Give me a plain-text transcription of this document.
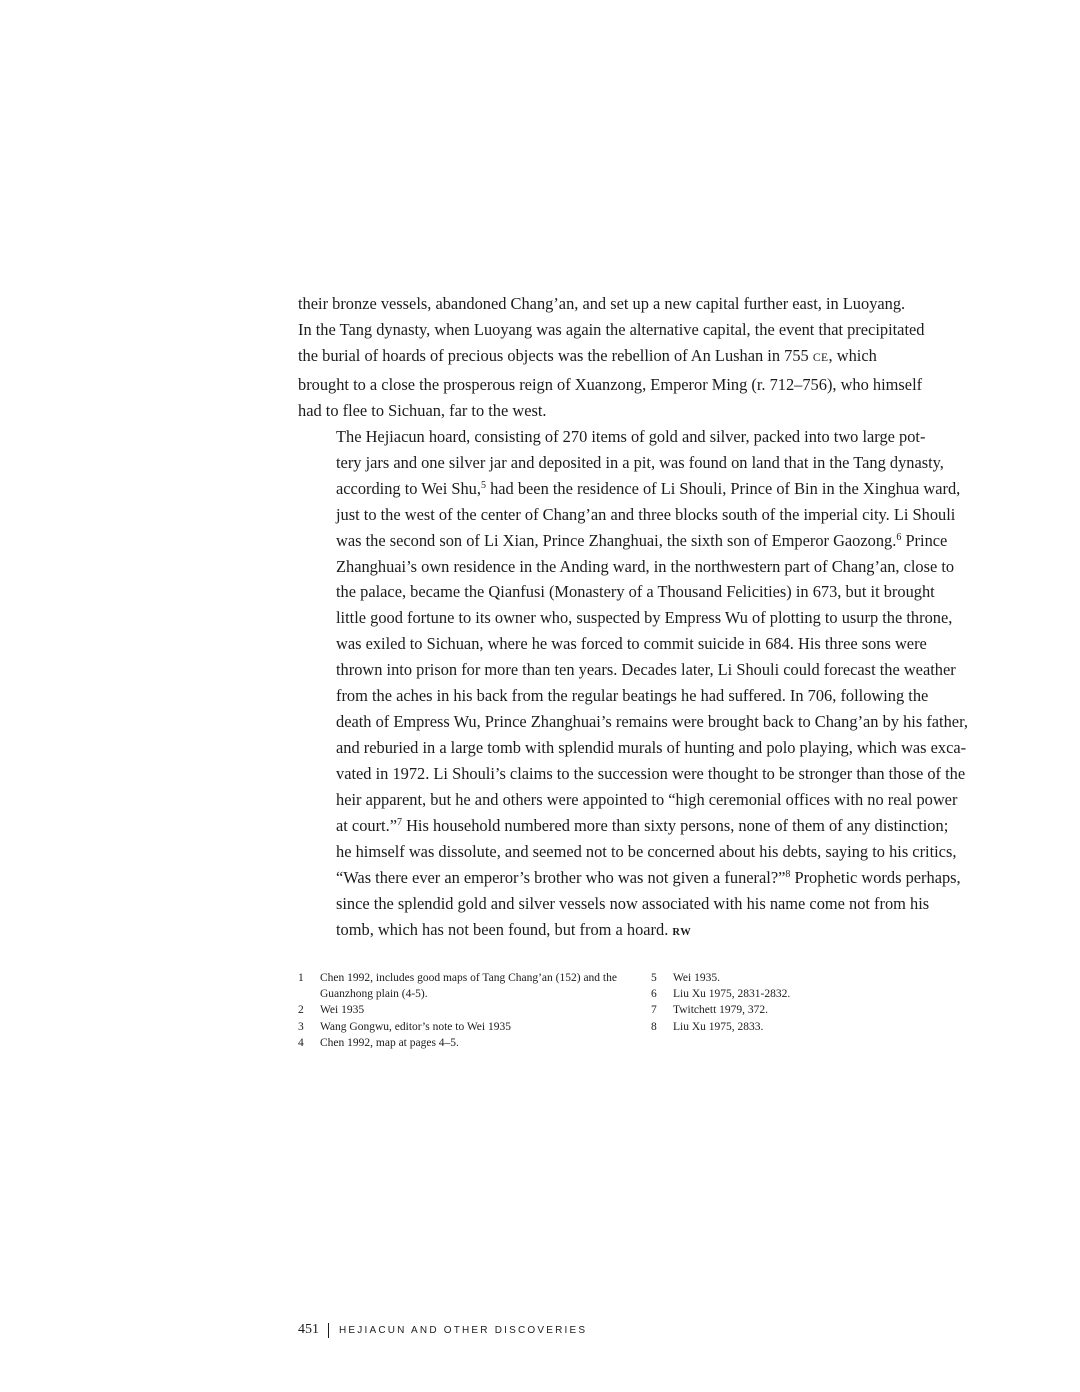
their bronze vessels, abandoned Chang’an, and set up a new capital further east, in Luoyang.
In the Tang dynasty, when Luoyang was again the alternative capital, the event that precipitated
the burial of hoards of precious objects was the rebellion of An Lushan in 755 CE, which
brought to a close the prosperous reign of Xuanzong, Emperor Ming (r. 712–756), who himself
had to flee to Sichuan, far to the west.

The Hejiacun hoard, consisting of 270 items of gold and silver, packed into two large pot-
tery jars and one silver jar and deposited in a pit, was found on land that in the Tang dynasty,
according to Wei Shu,$^5$ had been the residence of Li Shouli, Prince of Bin in the Xinghua ward,
just to the west of the center of Chang’an and three blocks south of the imperial city. Li Shouli
was the second son of Li Xian, Prince Zhanghuai, the sixth son of Emperor Gaozong.$^6$ Prince
Zhanghuai’s own residence in the Anding ward, in the northwestern part of Chang’an, close to
the palace, became the Qianfusi (Monastery of a Thousand Felicities) in 673, but it brought
little good fortune to its owner who, suspected by Empress Wu of plotting to usurp the throne,
was exiled to Sichuan, where he was forced to commit suicide in 684. His three sons were
thrown into prison for more than ten years. Decades later, Li Shouli could forecast the weather
from the aches in his back from the regular beatings he had suffered. In 706, following the
death of Empress Wu, Prince Zhanghuai’s remains were brought back to Chang’an by his father,
and reburied in a large tomb with splendid murals of hunting and polo playing, which was exca-
vated in 1972. Li Shouli’s claims to the succession were thought to be stronger than those of the
heir apparent, but he and others were appointed to “high ceremonial offices with no real power
at court.”$^7$ His household numbered more than sixty persons, none of them of any distinction;
he himself was dissolute, and seemed not to be concerned about his debts, saying to his critics,
“Was there ever an emperor’s brother who was not given a funeral?”$^8$ Prophetic words perhaps,
since the splendid gold and silver vessels now associated with his name come not from his
tomb, which has not been found, but from a hoard. RW

1	Chen 1992, includes good maps of Tang Chang’an (152) and the Guanzhong plain (4-5).
2	Wei 1935
3	Wang Gongwu, editor’s note to Wei 1935
4	Chen 1992, map at pages 4–5.
5	Wei 1935.
6	Liu Xu 1975, 2831-2832.
7	Twitchett 1979, 372.
8	Liu Xu 1975, 2833.
451 HEJIACUN AND OTHER DISCOVERIES
